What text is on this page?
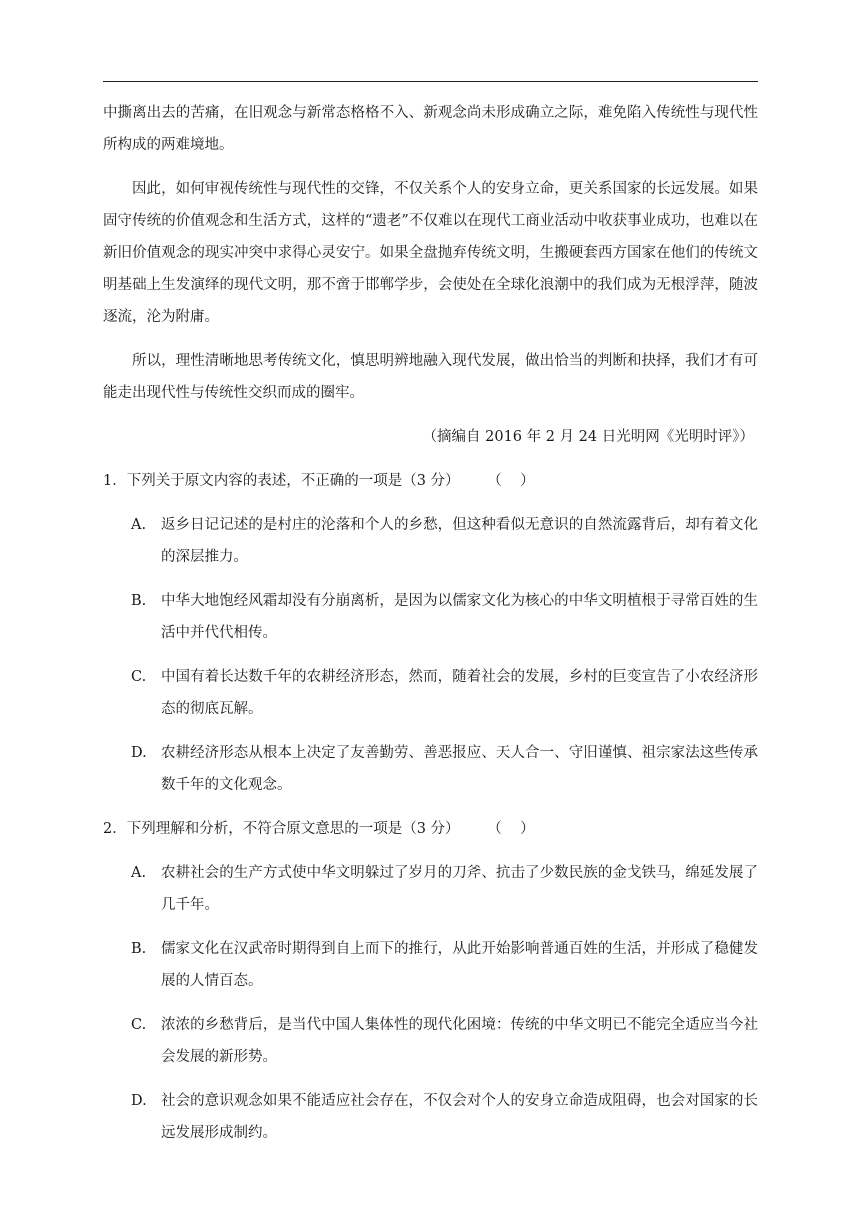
中撕离出去的苦痛，在旧观念与新常态格格不入、新观念尚未形成确立之际，难免陷入传统性与现代性所构成的两难境地。

因此，如何审视传统性与现代性的交锋，不仅关系个人的安身立命，更关系国家的长远发展。如果固守传统的价值观念和生活方式，这样的“遗老”不仅难以在现代工商业活动中收获事业成功，也难以在新旧价值观念的现实冲突中求得心灵安宁。如果全盘抛弃传统文明，生搬硬套西方国家在他们的传统文明基础上生发演绎的现代文明，那不啻于邯郸学步，会使处在全球化浪潮中的我们成为无根浮萍，随波逐流，沦为附庸。

所以，理性清晰地思考传统文化，慎思明辨地融入现代发展，做出恰当的判断和抉择，我们才有可能走出现代性与传统性交织而成的圈牢。

（摘编自 2016 年 2 月 24 日光明网《光明时评》）

1．下列关于原文内容的表述，不正确的一项是（3 分）      （    ）

A. 返乡日记记述的是村庄的沦落和个人的乡愁，但这种看似无意识的自然流露背后，却有着文化的深层推力。

B. 中华大地饱经风霜却没有分崩离析，是因为以儒家文化为核心的中华文明植根于寻常百姓的生活中并代代相传。

C. 中国有着长达数千年的农耕经济形态，然而，随着社会的发展，乡村的巨变宣告了小农经济形态的彻底瓦解。

D. 农耕经济形态从根本上决定了友善勤劳、善恶报应、天人合一、守旧谨慎、祖宗家法这些传承数千年的文化观念。

2．下列理解和分析，不符合原文意思的一项是（3 分）      （    ）

A. 农耕社会的生产方式使中华文明躲过了岁月的刀斧、抗击了少数民族的金戈铁马，绵延发展了几千年。

B. 儒家文化在汉武帝时期得到自上而下的推行，从此开始影响普通百姓的生活，并形成了稳健发展的人情百态。

C. 浓浓的乡愁背后，是当代中国人集体性的现代化困境：传统的中华文明已不能完全适应当今社会发展的新形势。

D. 社会的意识观念如果不能适应社会存在，不仅会对个人的安身立命造成阻碍，也会对国家的长远发展形成制约。
